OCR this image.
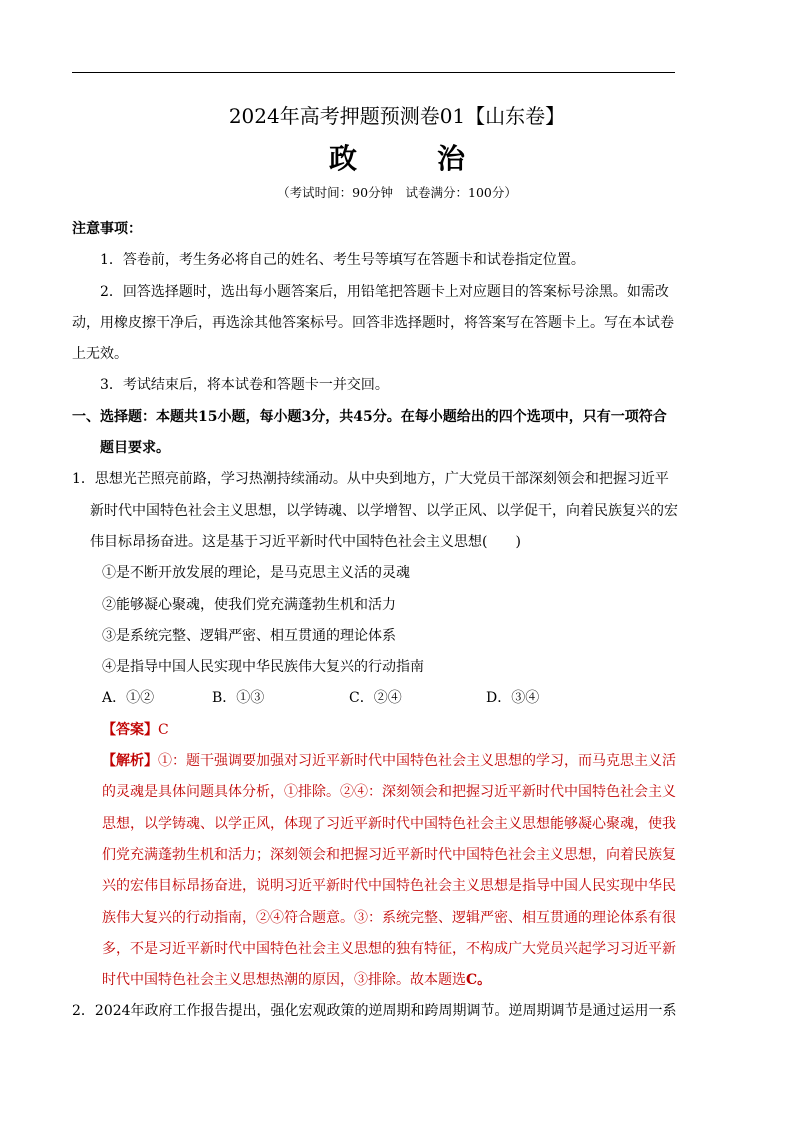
2024年高考押题预测卷01【山东卷】
政　治
（考试时间：90分钟　试卷满分：100分）

注意事项：

1．答卷前，考生务必将自己的姓名、考生号等填写在答题卡和试卷指定位置。

2．回答选择题时，选出每小题答案后，用铅笔把答题卡上对应题目的答案标号涂黑。如需改动，用橡皮擦干净后，再选涂其他答案标号。回答非选择题时，将答案写在答题卡上。写在本试卷上无效。

3．考试结束后，将本试卷和答题卡一并交回。

一、选择题：本题共15小题，每小题3分，共45分。在每小题给出的四个选项中，只有一项符合题目要求。

1．思想光芒照亮前路，学习热潮持续涌动。从中央到地方，广大党员干部深刻领会和把握习近平新时代中国特色社会主义思想，以学铸魂、以学增智、以学正风、以学促干，向着民族复兴的宏伟目标昂扬奋进。这是基于习近平新时代中国特色社会主义思想(　　)

①是不断开放发展的理论，是马克思主义活的灵魂

②能够凝心聚魂，使我们党充满蓬勃生机和活力

③是系统完整、逻辑严密、相互贯通的理论体系

④是指导中国人民实现中华民族伟大复兴的行动指南

A．①②	B．①③	C．②④	D．③④

【答案】C

【解析】①：题干强调要加强对习近平新时代中国特色社会主义思想的学习，而马克思主义活的灵魂是具体问题具体分析，①排除。②④：深刻领会和把握习近平新时代中国特色社会主义思想，以学铸魂、以学正风，体现了习近平新时代中国特色社会主义思想能够凝心聚魂，使我们党充满蓬勃生机和活力；深刻领会和把握习近平新时代中国特色社会主义思想，向着民族复兴的宏伟目标昂扬奋进，说明习近平新时代中国特色社会主义思想是指导中国人民实现中华民族伟大复兴的行动指南，②④符合题意。③：系统完整、逻辑严密、相互贯通的理论体系有很多，不是习近平新时代中国特色社会主义思想的独有特征，不构成广大党员兴起学习习近平新时代中国特色社会主义思想热潮的原因，③排除。故本题选C。

2．2024年政府工作报告提出，强化宏观政策的逆周期和跨周期调节。逆周期调节是通过运用一系
